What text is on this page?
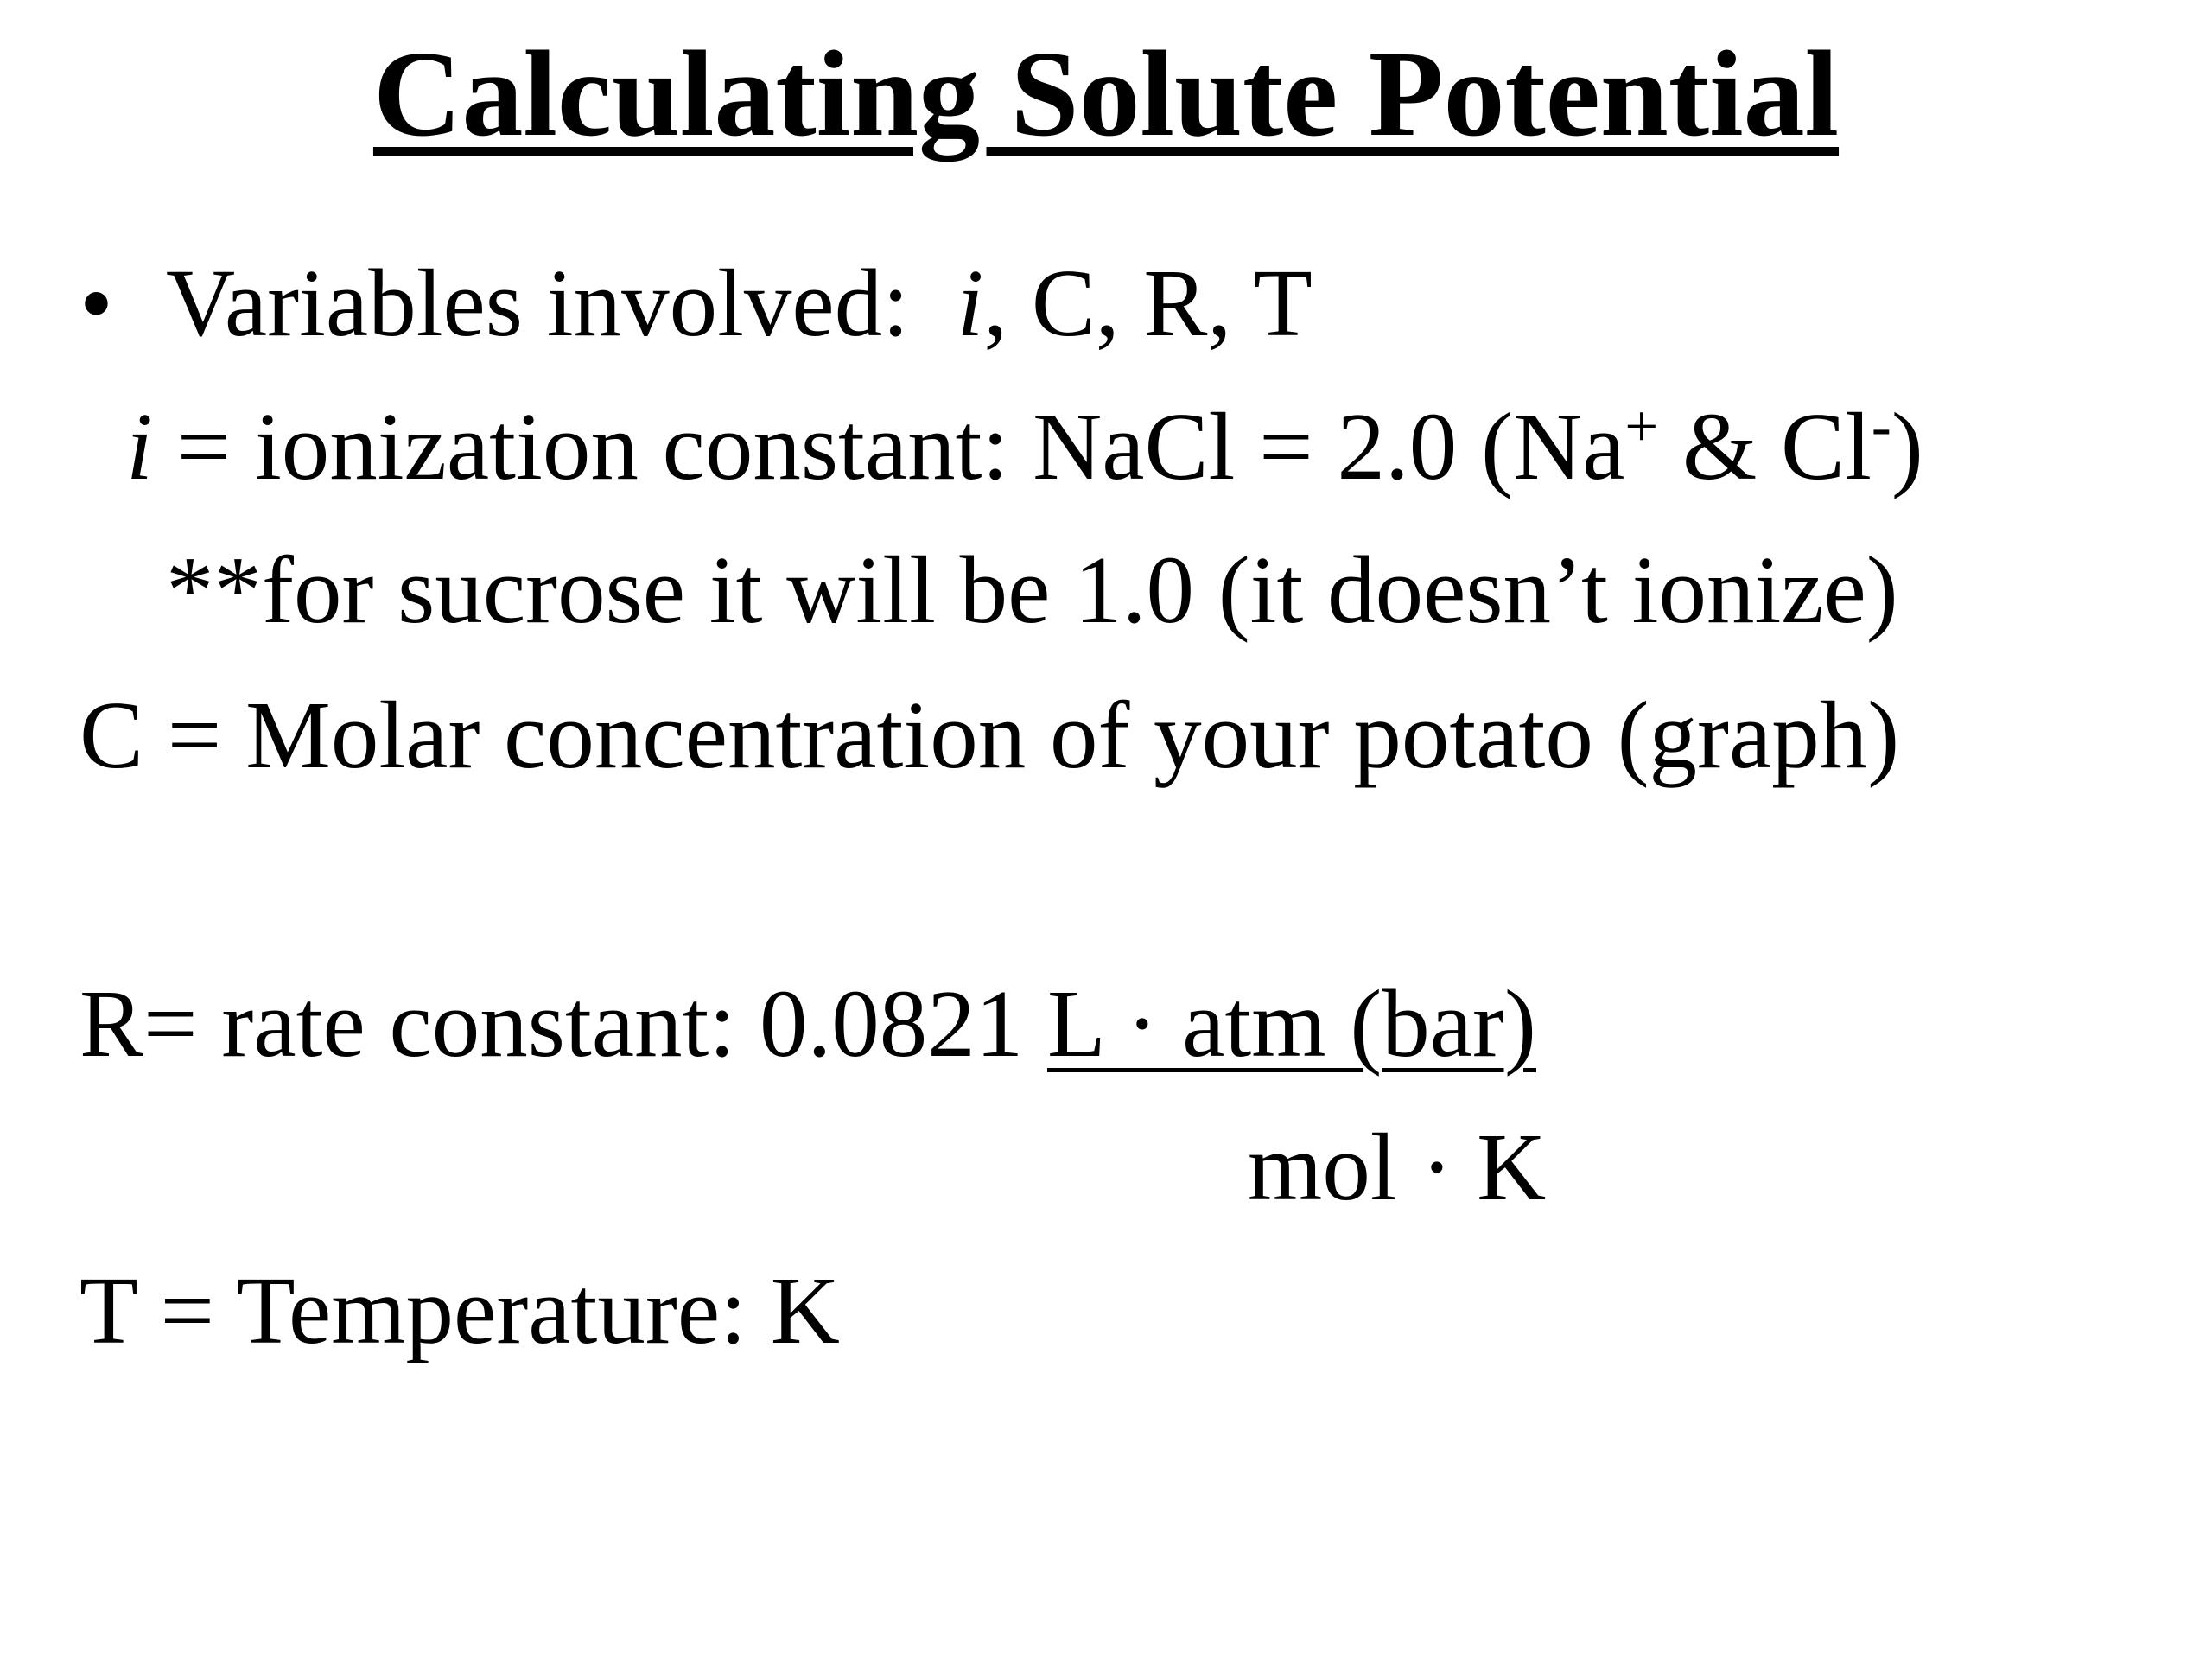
Calculating Solute Potential
• Variables involved: i, C, R, T
i = ionization constant: NaCl = 2.0 (Na+ & Cl-)
**for sucrose it will be 1.0 (it doesn’t ionize)
C = Molar concentration of your potato (graph)
R= rate constant: 0.0821 L · atm (bar)
mol · K
T = Temperature: K
